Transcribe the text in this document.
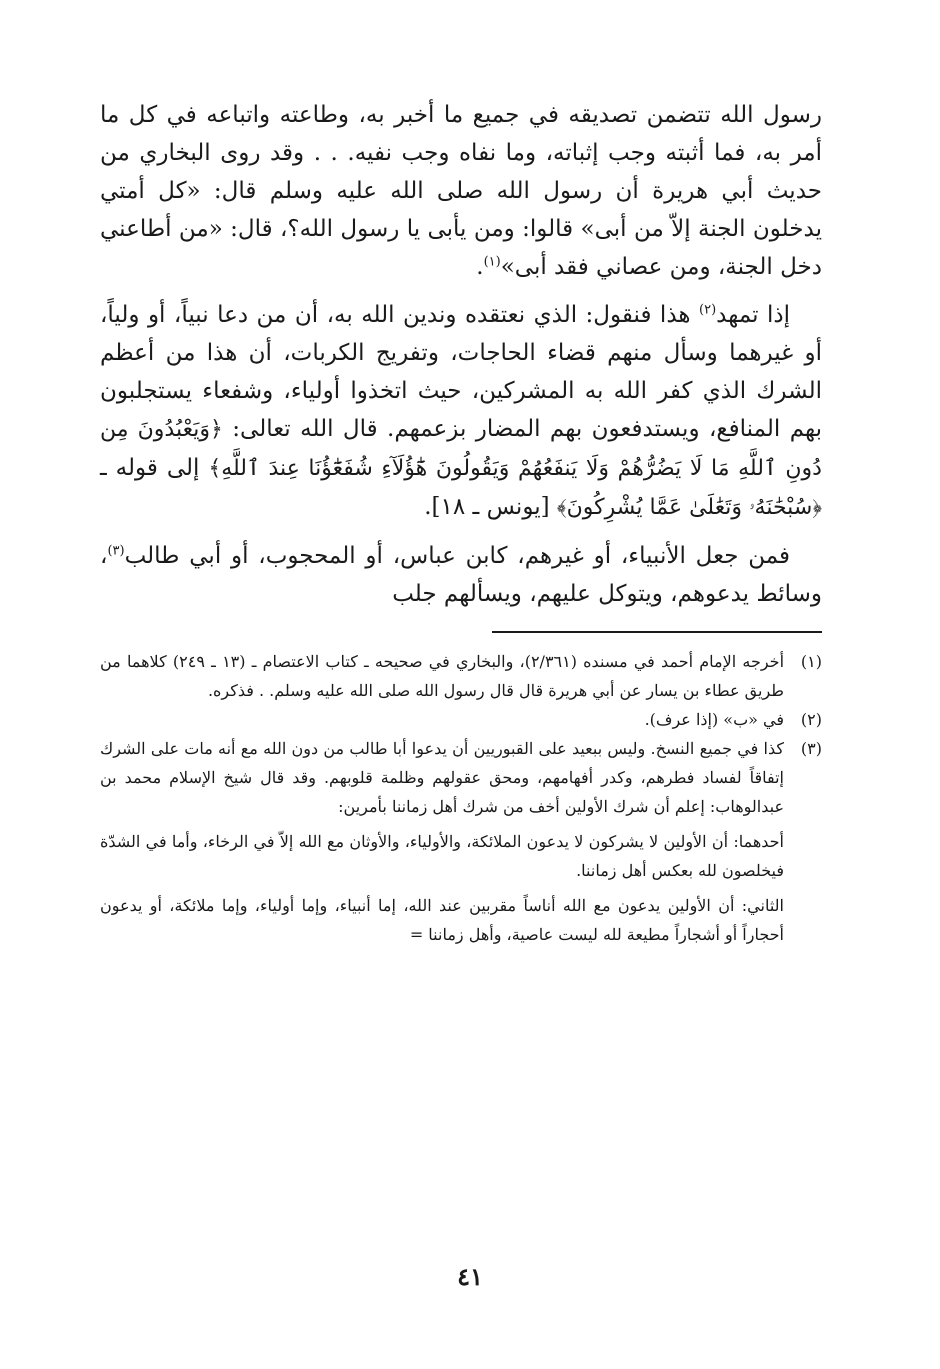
رسول الله تتضمن تصديقه في جميع ما أخبر به، وطاعته واتباعه في كل ما أمر به، فما أثبته وجب إثباته، وما نفاه وجب نفيه. . . وقد روى البخاري من حديث أبي هريرة أن رسول الله صلى الله عليه وسلم قال: «كل أمتي يدخلون الجنة إلاّ من أبى» قالوا: ومن يأبى يا رسول الله؟، قال: «من أطاعني دخل الجنة، ومن عصاني فقد أبى»$^{(١)}$.

إذا تمهد$^{(٢)}$ هذا فنقول: الذي نعتقده وندين الله به، أن من دعا نبياً، أو ولياً، أو غيرهما وسأل منهم قضاء الحاجات، وتفريج الكربات، أن هذا من أعظم الشرك الذي كفر الله به المشركين، حيث اتخذوا أولياء، وشفعاء يستجلبون بهم المنافع، ويستدفعون بهم المضار بزعمهم. قال الله تعالى: ﴿وَيَعْبُدُونَ مِن دُونِ ٱللَّهِ مَا لَا يَضُرُّهُمْ وَلَا يَنفَعُهُمْ وَيَقُولُونَ هَٰٓؤُلَآءِ شُفَعَٰٓؤُنَا عِندَ ٱللَّهِ﴾ إلى قوله ـ ﴿سُبْحَٰنَهُۥ وَتَعَٰلَىٰ عَمَّا يُشْرِكُونَ﴾ [يونس ـ ١٨].

فمن جعل الأنبياء، أو غيرهم، كابن عباس، أو المحجوب، أو أبي طالب$^{(٣)}$، وسائط يدعوهم، ويتوكل عليهم، ويسألهم جلب

(١)

أخرجه الإمام أحمد في مسنده (٢/٣٦١)، والبخاري في صحيحه ـ كتاب الاعتصام ـ (١٣ ـ ٢٤٩) كلاهما من طريق عطاء بن يسار عن أبي هريرة قال قال رسول الله صلى الله عليه وسلم. . فذكره.

(٢)

في «ب» (إذا عرف).

(٣)

كذا في جميع النسخ. وليس ببعيد على القبوريين أن يدعوا أبا طالب من دون الله مع أنه مات على الشرك إتفاقاً لفساد فطرهم، وكدر أفهامهم، ومحق عقولهم وظلمة قلوبهم. وقد قال شيخ الإسلام محمد بن عبدالوهاب: إعلم أن شرك الأولين أخف من شرك أهل زماننا بأمرين:

أحدهما: أن الأولين لا يشركون لا يدعون الملائكة، والأولياء، والأوثان مع الله إلاّ في الرخاء، وأما في الشدّة فيخلصون لله بعكس أهل زماننا.

الثاني: أن الأولين يدعون مع الله أناساً مقربين عند الله، إما أنبياء، وإما أولياء، وإما ملائكة، أو يدعون أحجاراً أو أشجاراً مطيعة لله ليست عاصية، وأهل زماننا =

٤١
